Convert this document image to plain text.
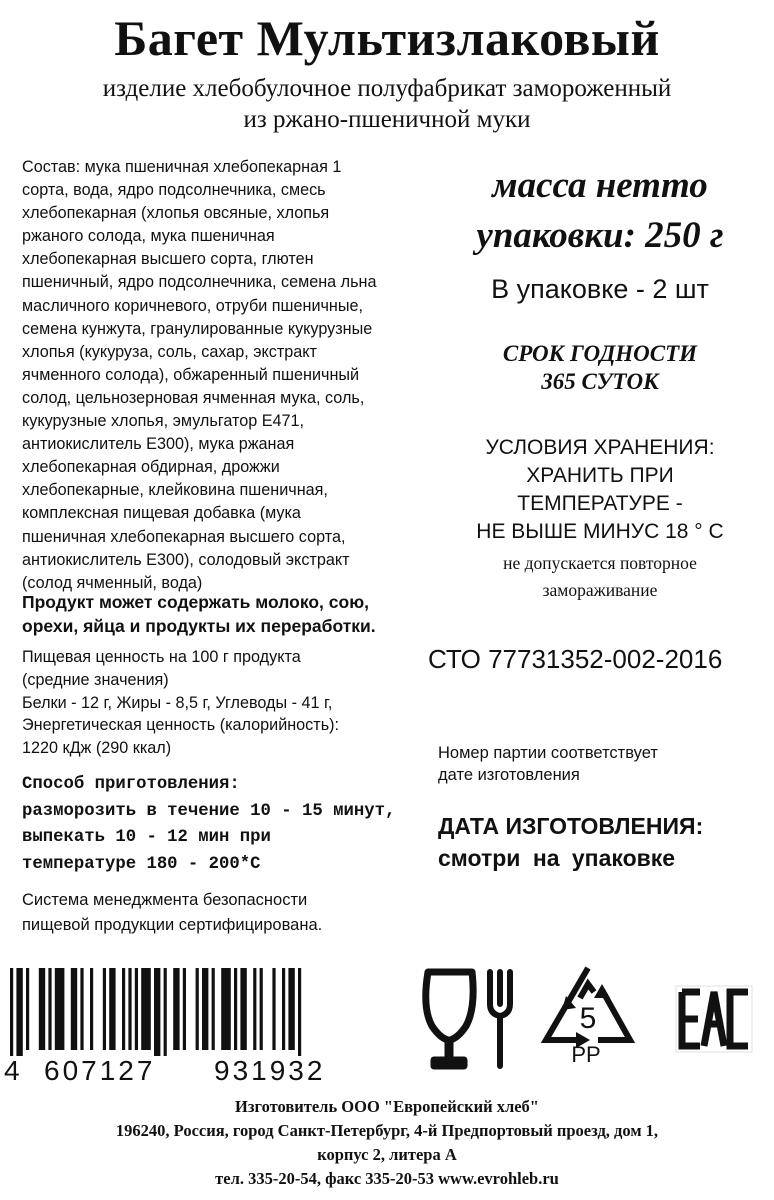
Багет Мультизлаковый
изделие хлебобулочное полуфабрикат замороженный
из ржано-пшеничной муки
Состав: мука пшеничная хлебопекарная 1
сорта, вода, ядро подсолнечника, смесь
хлебопекарная (хлопья овсяные, хлопья
ржаного солода, мука пшеничная
хлебопекарная высшего сорта, глютен
пшеничный, ядро подсолнечника, семена льна
масличного коричневого, отруби пшеничные,
семена кунжута, гранулированные кукурузные
хлопья (кукуруза, соль, сахар, экстракт
ячменного солода), обжаренный пшеничный
солод, цельнозерновая ячменная мука, соль,
кукурузные хлопья, эмульгатор Е471,
антиокислитель Е300), мука ржаная
хлебопекарная обдирная, дрожжи
хлебопекарные, клейковина пшеничная,
комплексная пищевая добавка (мука
пшеничная хлебопекарная высшего сорта,
антиокислитель Е300), солодовый экстракт
(солод ячменный, вода)
Продукт может содержать молоко, сою,
орехи, яйца и продукты их переработки.
Пищевая ценность на 100 г продукта
(средние значения)
Белки - 12 г, Жиры - 8,5 г, Углеводы - 41 г,
Энергетическая ценность (калорийность):
1220 кДж (290 ккал)
Способ приготовления:
разморозить в течение 10 - 15 минут,
выпекать 10 - 12 мин при
температуре 180 - 200*С
Система менеджмента безопасности
пищевой продукции сертифицирована.
масса нетто
упаковки: 250 г
В упаковке - 2 шт
СРОК ГОДНОСТИ
365 СУТОК
УСЛОВИЯ ХРАНЕНИЯ:
ХРАНИТЬ ПРИ
ТЕМПЕРАТУРЕ -
НЕ ВЫШЕ МИНУС 18 ° С
не допускается повторное
замораживание
СТО 77731352-002-2016
Номер партии соответствует
дате изготовления
ДАТА ИЗГОТОВЛЕНИЯ:
смотри на упаковке
4 607127 931932
5
PP
Изготовитель ООО "Европейский хлеб"
196240, Россия, город Санкт-Петербург, 4-й Предпортовый проезд, дом 1,
корпус 2, литера А
тел. 335-20-54, факс 335-20-53 www.evrohleb.ru
